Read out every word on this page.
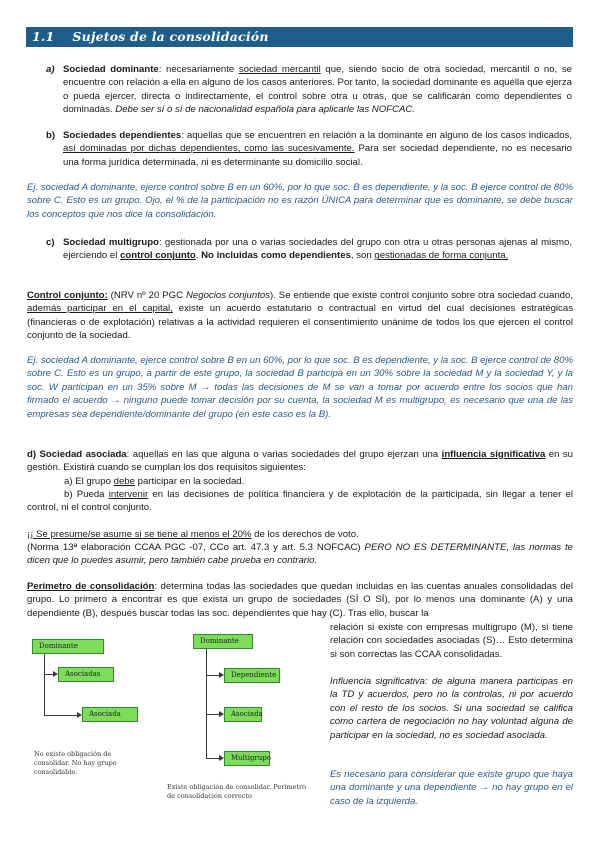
1.1 Sujetos de la consolidación
a) Sociedad dominante: necesariamente sociedad mercantil que, siendo socio de otra sociedad, mercantil o no, se encuentre con relación a ella en alguno de los casos anteriores. Por tanto, la sociedad dominante es aquélla que ejerza o pueda ejercer, directa o indirectamente, el control sobre otra u otras, que se calificarán como dependientes o dominadas. Debe ser sí o sí de nacionalidad española para aplicarle las NOFCAC.
b) Sociedades dependientes: aquellas que se encuentren en relación a la dominante en alguno de los casos indicados, así dominadas por dichas dependientes, como las sucesivamente. Para ser sociedad dependiente, no es necesario una forma jurídica determinada, ni es determinante su domicilio social.
Ej. sociedad A dominante, ejerce control sobre B en un 60%, por lo que soc. B es dependiente, y la soc. B ejerce control de 80% sobre C. Esto es un grupo. Ojo, el % de la participación no es razón ÚNICA para determinar que es dominante, se debe buscar los conceptos que nos dice la consolidación.
c) Sociedad multigrupo: gestionada por una o varias sociedades del grupo con otra u otras personas ajenas al mismo, ejerciendo el control conjunto. No incluidas como dependientes, son gestionadas de forma conjunta.
Control conjunto: (NRV nº 20 PGC Negocios conjuntos). Se entiende que existe control conjunto sobre otra sociedad cuando, además participar en el capital, existe un acuerdo estatutario o contractual en virtud del cual decisiones estratégicas (financieras o de explotación) relativas a la actividad requieren el consentimiento unánime de todos los que ejercen el control conjunto de la sociedad.
Ej. sociedad A dominante, ejerce control sobre B en un 60%, por lo que soc. B es dependiente, y la soc. B ejerce control de 80% sobre C. Esto es un grupo, a partir de este grupo, la sociedad B participa en un 30% sobre la sociedad M y la sociedad Y, y la soc. W participan en un 35% sobre M → todas las decisiones de M se van a tomar por acuerdo entre los socios que han firmado el acuerdo → ninguno puede tomar decisión por su cuenta, la sociedad M es multigrupo, es necesario que una de las empresas sea dependiente/dominante del grupo (en este caso es la B).
d) Sociedad asociada: aquellas en las que alguna o varias sociedades del grupo ejerzan una influencia significativa en su gestión. Existirá cuando se cumplan los dos requisitos siguientes:
a) El grupo debe participar en la sociedad.
b) Pueda intervenir en las decisiones de política financiera y de explotación de la participada, sin llegar a tener el control, ni el control conjunto.
¡¡ Se presume/se asume si se tiene al menos el 20% de los derechos de voto.
(Norma 13ª elaboración CCAA PGC -07, CCo art. 47.3 y art. 5.3 NOFCAC) PERO NO ES DETERMINANTE, las normas te dicen que lo puedes asumir, pero también cabe prueba en contrario.
Perímetro de consolidación: determina todas las sociedades que quedan incluidas en las cuentas anuales consolidadas del grupo. Lo primero a encontrar es que exista un grupo de sociedades (SÍ O SÍ), por lo menos una dominante (A) y una dependiente (B), después buscar todas las soc. dependientes que hay (C). Tras ello, buscar la
relación si existe con empresas multigrupo (M), si tiene relación con sociedades asociadas (S)… Esto determina si son correctas las CCAA consolidadas.
Influencia significativa: de alguna manera participas en la TD y acuerdos, pero no la controlas, ni por acuerdo con el resto de los socios. Si una sociedad se califica como cartera de negociación no hay voluntad alguna de participar en la sociedad, no es sociedad asociada.
Es necesario para considerar que existe grupo que haya una dominante y una dependiente → no hay grupo en el caso de la izquierda.
Dominante
Asociadas
Asociada
No existe obligación de consolidar. No hay grupo consolidable.
Dominante
Dependiente
Asociada
Multigrupo
Existe obligación de consolidar. Perímetro de consolidación correcto
